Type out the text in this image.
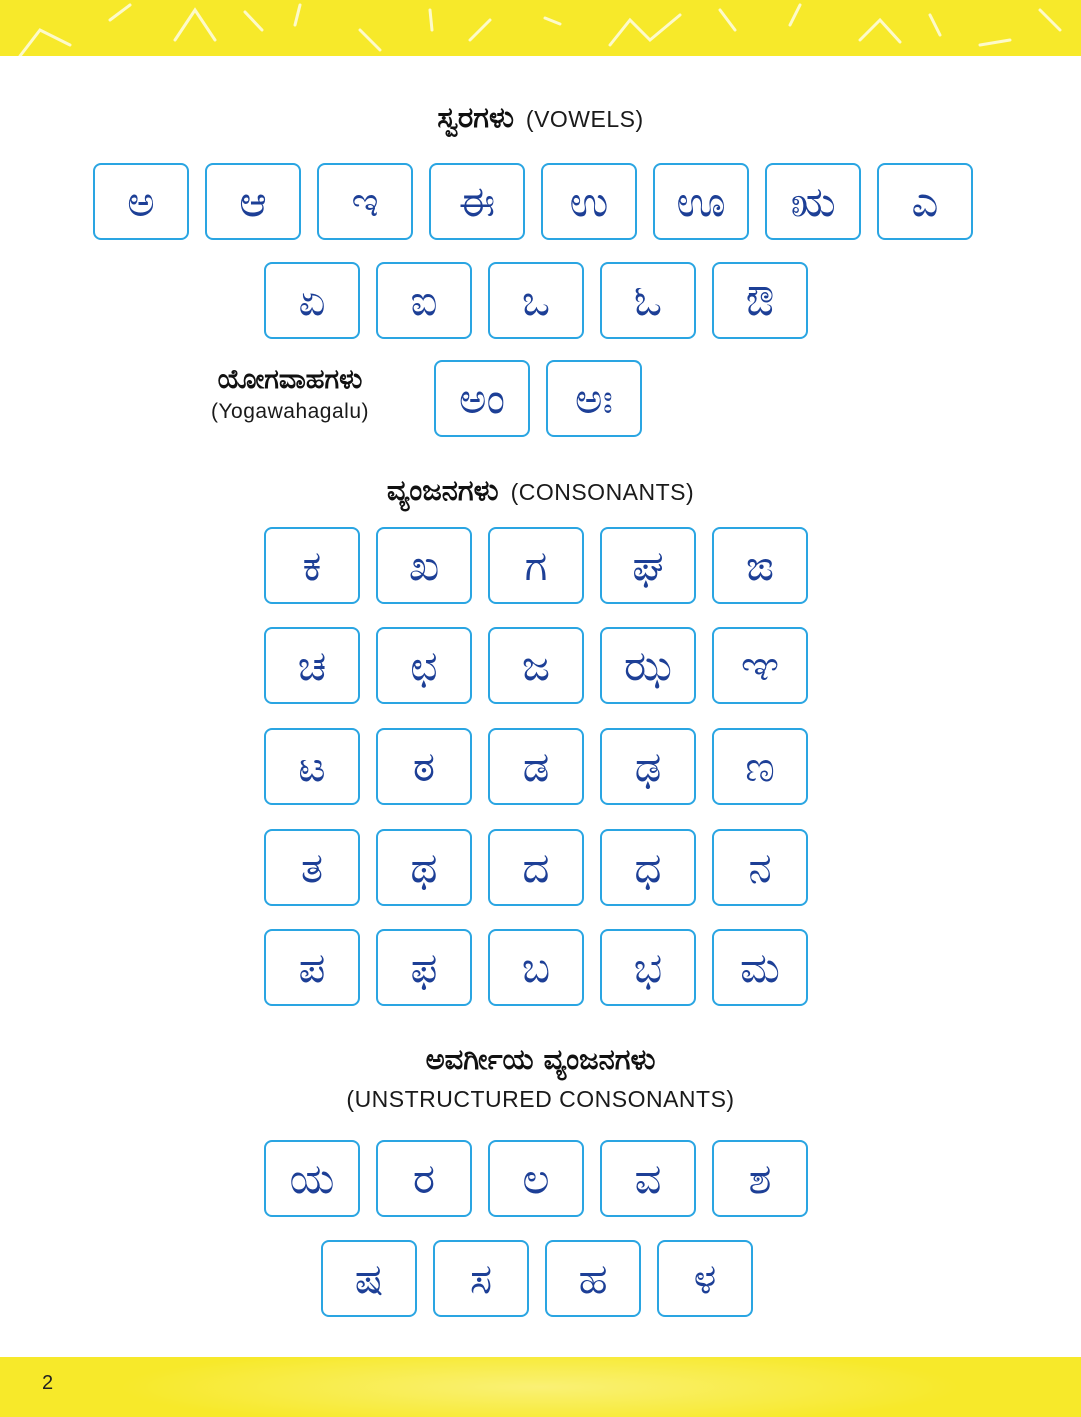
ಸ್ವರಗಳು (VOWELS)
ಅ	ಆ	ಇ	ಈ	ಉ	ಊ	ಋ	ಎ
ಏ	ಐ	ಒ	ಓ	ಔ
ಯೋಗವಾಹಗಳು
(Yogawahagalu)	ಅಂ	ಅಃ
ವ್ಯಂಜನಗಳು (CONSONANTS)
ಕ	ಖ	ಗ	ಘ	ಙ
ಚ	ಛ	ಜ	ಝ	ಞ
ಟ	ಠ	ಡ	ಢ	ಣ
ತ	ಥ	ದ	ಧ	ನ
ಪ	ಫ	ಬ	ಭ	ಮ
ಅವರ್ಗೀಯ ವ್ಯಂಜನಗಳು
(UNSTRUCTURED CONSONANTS)
ಯ	ರ	ಲ	ವ	ಶ
ಷ	ಸ	ಹ	ಳ
2
